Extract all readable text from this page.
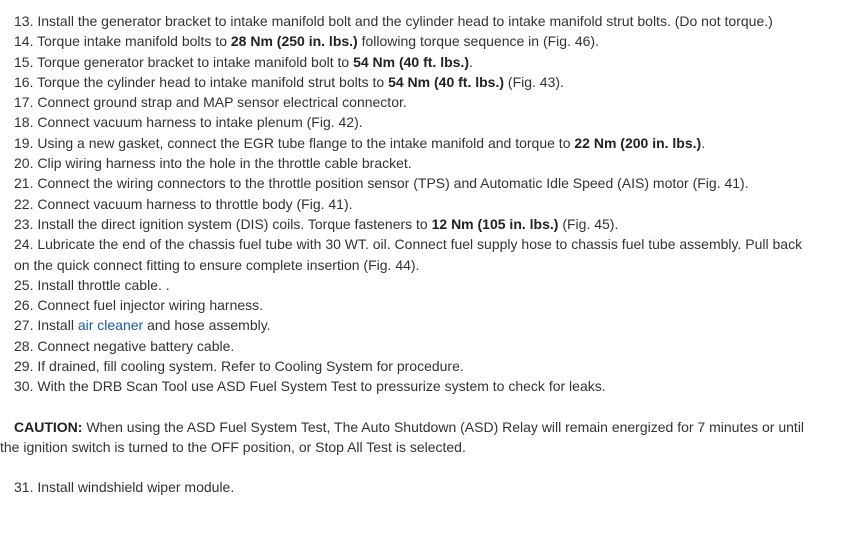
13. Install the generator bracket to intake manifold bolt and the cylinder head to intake manifold strut bolts. (Do not torque.)
14. Torque intake manifold bolts to 28 Nm (250 in. lbs.) following torque sequence in (Fig. 46).
15. Torque generator bracket to intake manifold bolt to 54 Nm (40 ft. lbs.).
16. Torque the cylinder head to intake manifold strut bolts to 54 Nm (40 ft. lbs.) (Fig. 43).
17. Connect ground strap and MAP sensor electrical connector.
18. Connect vacuum harness to intake plenum (Fig. 42).
19. Using a new gasket, connect the EGR tube flange to the intake manifold and torque to 22 Nm (200 in. lbs.).
20. Clip wiring harness into the hole in the throttle cable bracket.
21. Connect the wiring connectors to the throttle position sensor (TPS) and Automatic Idle Speed (AIS) motor (Fig. 41).
22. Connect vacuum harness to throttle body (Fig. 41).
23. Install the direct ignition system (DIS) coils. Torque fasteners to 12 Nm (105 in. lbs.) (Fig. 45).
24. Lubricate the end of the chassis fuel tube with 30 WT. oil. Connect fuel supply hose to chassis fuel tube assembly. Pull back on the quick connect fitting to ensure complete insertion (Fig. 44).
25. Install throttle cable. .
26. Connect fuel injector wiring harness.
27. Install air cleaner and hose assembly.
28. Connect negative battery cable.
29. If drained, fill cooling system. Refer to Cooling System for procedure.
30. With the DRB Scan Tool use ASD Fuel System Test to pressurize system to check for leaks.
CAUTION: When using the ASD Fuel System Test, The Auto Shutdown (ASD) Relay will remain energized for 7 minutes or until the ignition switch is turned to the OFF position, or Stop All Test is selected.
31. Install windshield wiper module.
